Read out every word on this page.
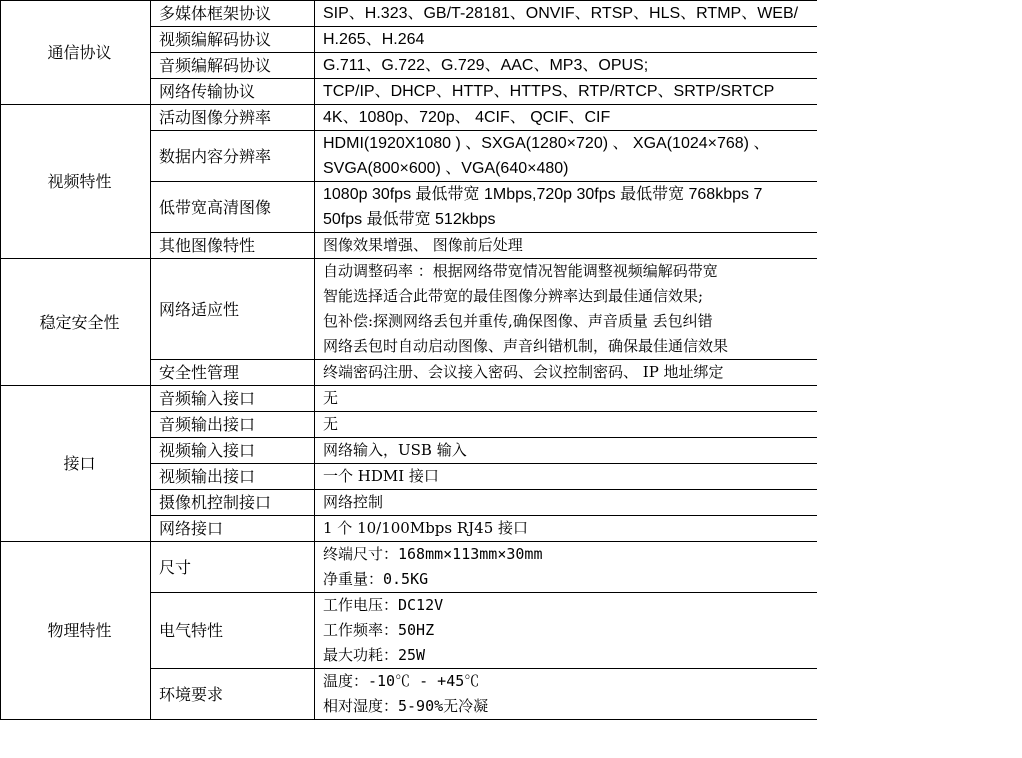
通信协议	多媒体框架协议	SIP、H.323、GB/T-28181、ONVIF、RTSP、HLS、RTMP、WEB/

	视频编解码协议	H.265、H.264

	音频编解码协议	G.711、G.722、G.729、AAC、MP3、OPUS;

	网络传输协议	TCP/IP、DHCP、HTTP、HTTPS、RTP/RTCP、SRTP/SRTCP

视频特性	活动图像分辨率	4K、1080p、720p、 4CIF、 QCIF、CIF

	数据内容分辨率	HDMI(1920X1080 ) 、SXGA(1280×720) 、 XGA(1024×768) 、
SVGA(800×600) 、VGA(640×480)

	低带宽高清图像	1080p 30fps 最低带宽 1Mbps,720p 30fps 最低带宽 768kbps 7
50fps 最低带宽 512kbps

	其他图像特性	图像效果增强、 图像前后处理

稳定安全性	网络适应性	自动调整码率 ：根据网络带宽情况智能调整视频编解码带宽
智能选择适合此带宽的最佳图像分辨率达到最佳通信效果;
包补偿:探测网络丢包并重传,确保图像、声音质量 丢包纠错
网络丢包时自动启动图像、声音纠错机制，确保最佳通信效果

	安全性管理	终端密码注册、会议接入密码、会议控制密码、 IP 地址绑定

接口	音频输入接口	无

	音频输出接口	无

	视频输入接口	网络输入，USB 输入

	视频输出接口	一个 HDMI 接口

	摄像机控制接口	网络控制

	网络接口	1 个 10/100Mbps RJ45 接口

物理特性	尺寸	终端尺寸：168mm×113mm×30mm
净重量：0.5KG

	电气特性	工作电压：DC12V
工作频率：50HZ
最大功耗：25W

	环境要求	温度：-10℃ - +45℃
相对湿度：5-90%无冷凝
